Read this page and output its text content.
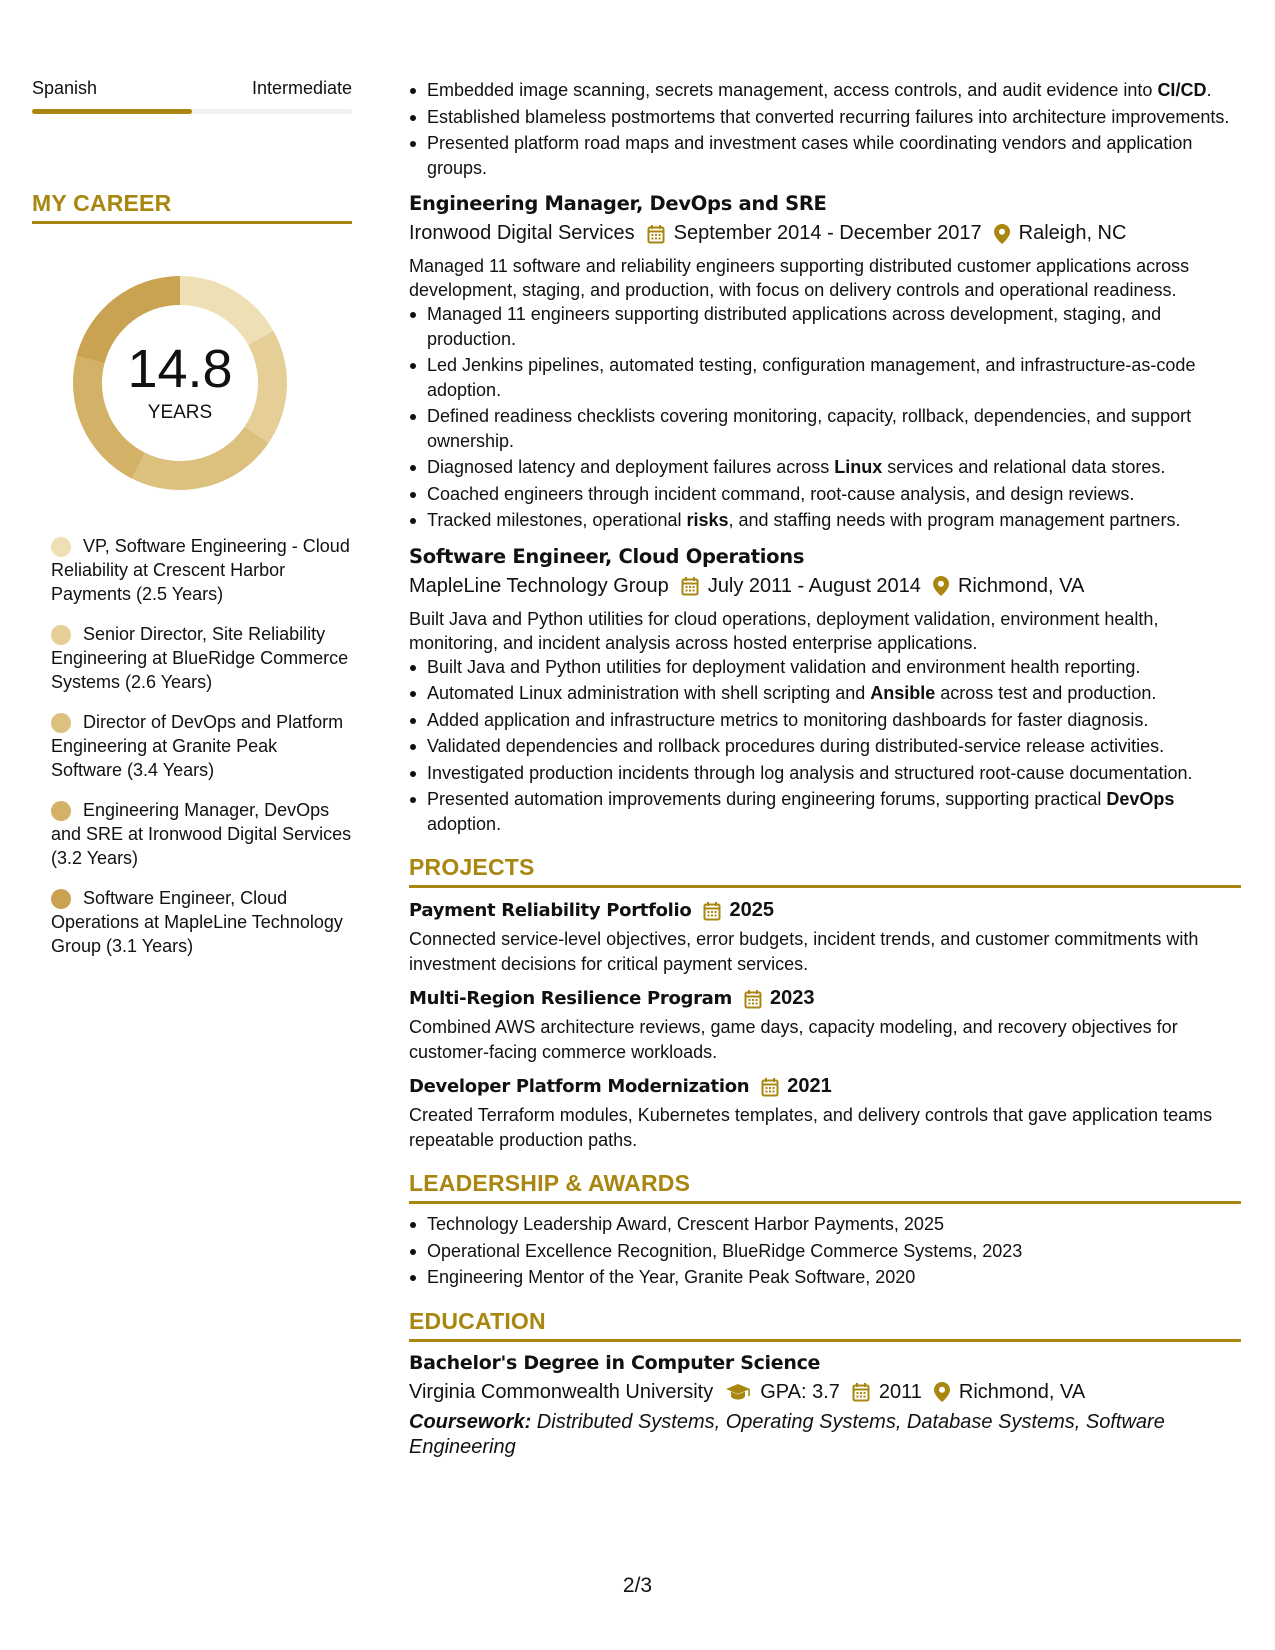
Spanish	Intermediate
MY CAREER
14.8
YEARS
VP, Software Engineering - Cloud Reliability at Crescent Harbor Payments (2.5 Years)
Senior Director, Site Reliability Engineering at BlueRidge Commerce Systems (2.6 Years)
Director of DevOps and Platform Engineering at Granite Peak Software (3.4 Years)
Engineering Manager, DevOps and SRE at Ironwood Digital Services (3.2 Years)
Software Engineer, Cloud Operations at MapleLine Technology Group (3.1 Years)
Embedded image scanning, secrets management, access controls, and audit evidence into CI/CD.
Established blameless postmortems that converted recurring failures into architecture improvements.
Presented platform road maps and investment cases while coordinating vendors and application groups.
Engineering Manager, DevOps and SRE
Ironwood Digital Services September 2014 - December 2017 Raleigh, NC
Managed 11 software and reliability engineers supporting distributed customer applications across development, staging, and production, with focus on delivery controls and operational readiness.
Managed 11 engineers supporting distributed applications across development, staging, and production.
Led Jenkins pipelines, automated testing, configuration management, and infrastructure-as-code adoption.
Defined readiness checklists covering monitoring, capacity, rollback, dependencies, and support ownership.
Diagnosed latency and deployment failures across Linux services and relational data stores.
Coached engineers through incident command, root-cause analysis, and design reviews.
Tracked milestones, operational risks, and staffing needs with program management partners.
Software Engineer, Cloud Operations
MapleLine Technology Group July 2011 - August 2014 Richmond, VA
Built Java and Python utilities for cloud operations, deployment validation, environment health, monitoring, and incident analysis across hosted enterprise applications.
Built Java and Python utilities for deployment validation and environment health reporting.
Automated Linux administration with shell scripting and Ansible across test and production.
Added application and infrastructure metrics to monitoring dashboards for faster diagnosis.
Validated dependencies and rollback procedures during distributed-service release activities.
Investigated production incidents through log analysis and structured root-cause documentation.
Presented automation improvements during engineering forums, supporting practical DevOps adoption.
PROJECTS
Payment Reliability Portfolio 2025
Connected service-level objectives, error budgets, incident trends, and customer commitments with investment decisions for critical payment services.
Multi-Region Resilience Program 2023
Combined AWS architecture reviews, game days, capacity modeling, and recovery objectives for customer-facing commerce workloads.
Developer Platform Modernization 2021
Created Terraform modules, Kubernetes templates, and delivery controls that gave application teams repeatable production paths.
LEADERSHIP & AWARDS
Technology Leadership Award, Crescent Harbor Payments, 2025
Operational Excellence Recognition, BlueRidge Commerce Systems, 2023
Engineering Mentor of the Year, Granite Peak Software, 2020
EDUCATION
Bachelor's Degree in Computer Science
Virginia Commonwealth University GPA: 3.7 2011 Richmond, VA
Coursework: Distributed Systems, Operating Systems, Database Systems, Software Engineering
2/3
